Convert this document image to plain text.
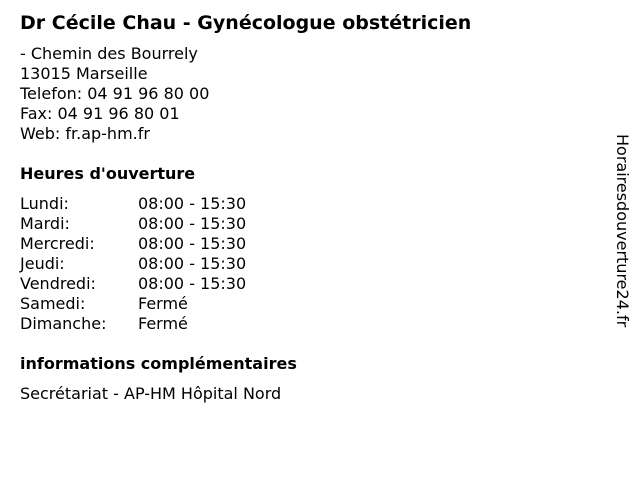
Dr Cécile Chau - Gynécologue obstétricien
- Chemin des Bourrely
13015 Marseille
Telefon: 04 91 96 80 00
Fax: 04 91 96 80 01
Web: fr.ap-hm.fr
Heures d'ouverture
Lundi:	08:00 - 15:30
Mardi:	08:00 - 15:30
Mercredi:	08:00 - 15:30
Jeudi:	08:00 - 15:30
Vendredi:	08:00 - 15:30
Samedi:	Fermé
Dimanche:	Fermé
informations complémentaires
Secrétariat - AP-HM Hôpital Nord
Horairesdouverture24.fr
